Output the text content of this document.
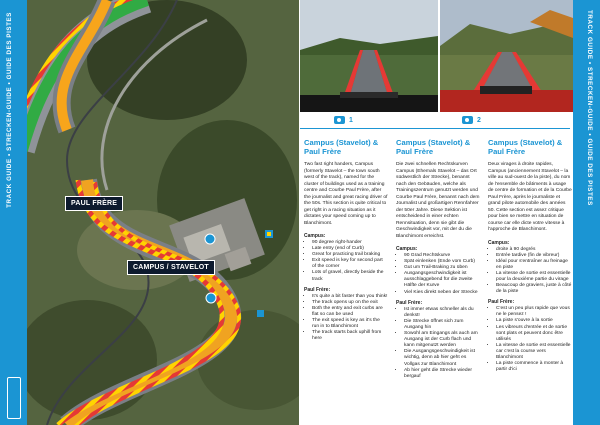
TRACK GUIDE • STRECKEN-GUIDE • GUIDE DES PISTES	PAUL FRÈRE
CAMPUS / STAVELOT
1	2
Campus (Stavelot) & Paul Frère

Two fast right handers, Campus (formerly Stavelot – the town south west of the track), named for the cluster of buildings used as a training centre and Courbe Paul Frère, after the journalist and great racing driver of the 50s. This section is quite critical to get right in a racing situation as it dictates your speed coming up to Blanchimont.

Campus:
• 90 degree right-hander
• Late entry (end of Curb)
• Great for practicing trail braking
• Exit speed is key for second part of the corner
• Lots of gravel, directly beside the track
Paul Frère:
• It's quite a bit faster than you think!
• The track opens up on the exit
• Both the entry and exit curbs are flat so can be used
• The exit speed is key as it's the run in to Blanchimont
• The track starts back uphill from here
Campus (Stavelot) & Paul Frère

Die zwei schnellen Rechtskurven Campus (Ehemals Stavelot – das Ort südwestlich der Strecke), benannt nach den Gebäuden, welche als Trainingszentrum genutzt werden und Courbe Paul Frère, benannt nach dem Journalist und großartigen Rennfahrer der 50er Jahre. Diese Sektion ist entscheidend in einer echten Rennsituation, denn sie gibt die Geschwindigkeit vor, mit der du die Blanchimont erreichst.

Campus:
• 90 Grad Rechtskurve
• Spät einlenken (Ende vom Curb)
• Gut um Trail-Braking zu üben
• Ausgangsgeschwindigkeit ist ausschlaggebend für die zweite Hälfte der Kurve
• Viel Kies direkt neben der Strecke
Paul Frère:
• Ist immer etwas schneller als du denkst!
• Die Strecke öffnet sich zum Ausgang hin
• Sowohl am Eingangs als auch am Ausgang ist der Curb flach und kann mitgenutzt werden
• Die Ausgangsgeschwindigkeit ist wichtig, denn ab hier geht es Vollgas zur Blanchimont
• Ab hier geht die Strecke wieder bergauf
Campus (Stavelot) & Paul Frère

Deux virages à droite rapides, Campus (anciennement Stavelot – la ville au sud-ouest de la piste), du nom de l'ensemble de bâtiments à usage de centre de formation et de la Courbe Paul Frère, après le journaliste et grand pilote automobile des années 50. Cette section est assez critique pour bien se mettre en situation de course car elle dicte votre vitesse à l'approche de Blanchimont.

Campus:
• droite à 90 degrés
• Entrée tardive (fin de vibreur)
• Idéal pour s'entraîner au freinage en piste
• La vitesse de sortie est essentielle pour la deuxième partie du virage
• Beaucoup de graviers, juste à côté de la piste
Paul Frère:
• C'est un peu plus rapide que vous ne le pensez !
• La piste s'ouvre à la sortie
• Les vibreurs d'entrée et de sortie sont plats et peuvent donc être utilisés
• La vitesse de sortie est essentielle car c'est la course vers Blanchimont
• La piste commence à monter à partir d'ici
TRACK GUIDE • STRECKEN-GUIDE • GUIDE DES PISTES
